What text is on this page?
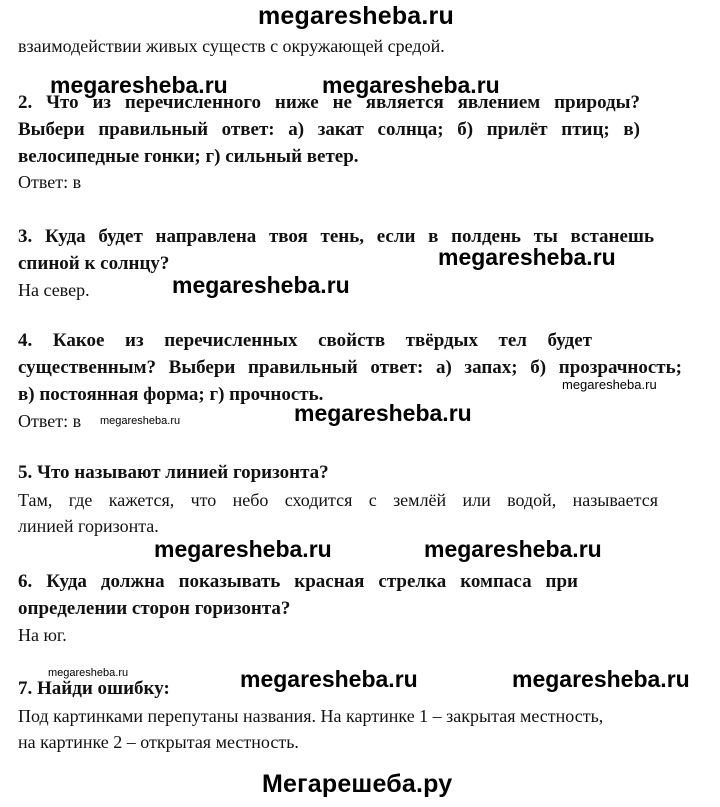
megaresheba.ru
взаимодействии живых существ с окружающей средой.
megaresheba.ru	megaresheba.ru
2. Что из перечисленного ниже не является явлением природы?
Выбери правильный ответ: а) закат солнца; б) прилёт птиц; в)
велосипедные гонки; г) сильный ветер.
Ответ: в
3. Куда будет направлена твоя тень, если в полдень ты встанешь
спиной к солнцу?	megaresheba.ru
На север.	megaresheba.ru
4. Какое из перечисленных свойств твёрдых тел будет
существенным? Выбери правильный ответ: а) запах; б) прозрачность;
megaresheba.ru
в) постоянная форма; г) прочность.
Ответ: в megaresheba.ru	megaresheba.ru
5. Что называют линией горизонта?
Там, где кажется, что небо сходится с землёй или водой, называется
линией горизонта.
megaresheba.ru	megaresheba.ru
6. Куда должна показывать красная стрелка компаса при
определении сторон горизонта?
На юг.
megaresheba.ru
7. Найди ошибку:	megaresheba.ru	megaresheba.ru
Под картинками перепутаны названия. На картинке 1 – закрытая местность,
на картинке 2 – открытая местность.
Мегарешеба.ру
